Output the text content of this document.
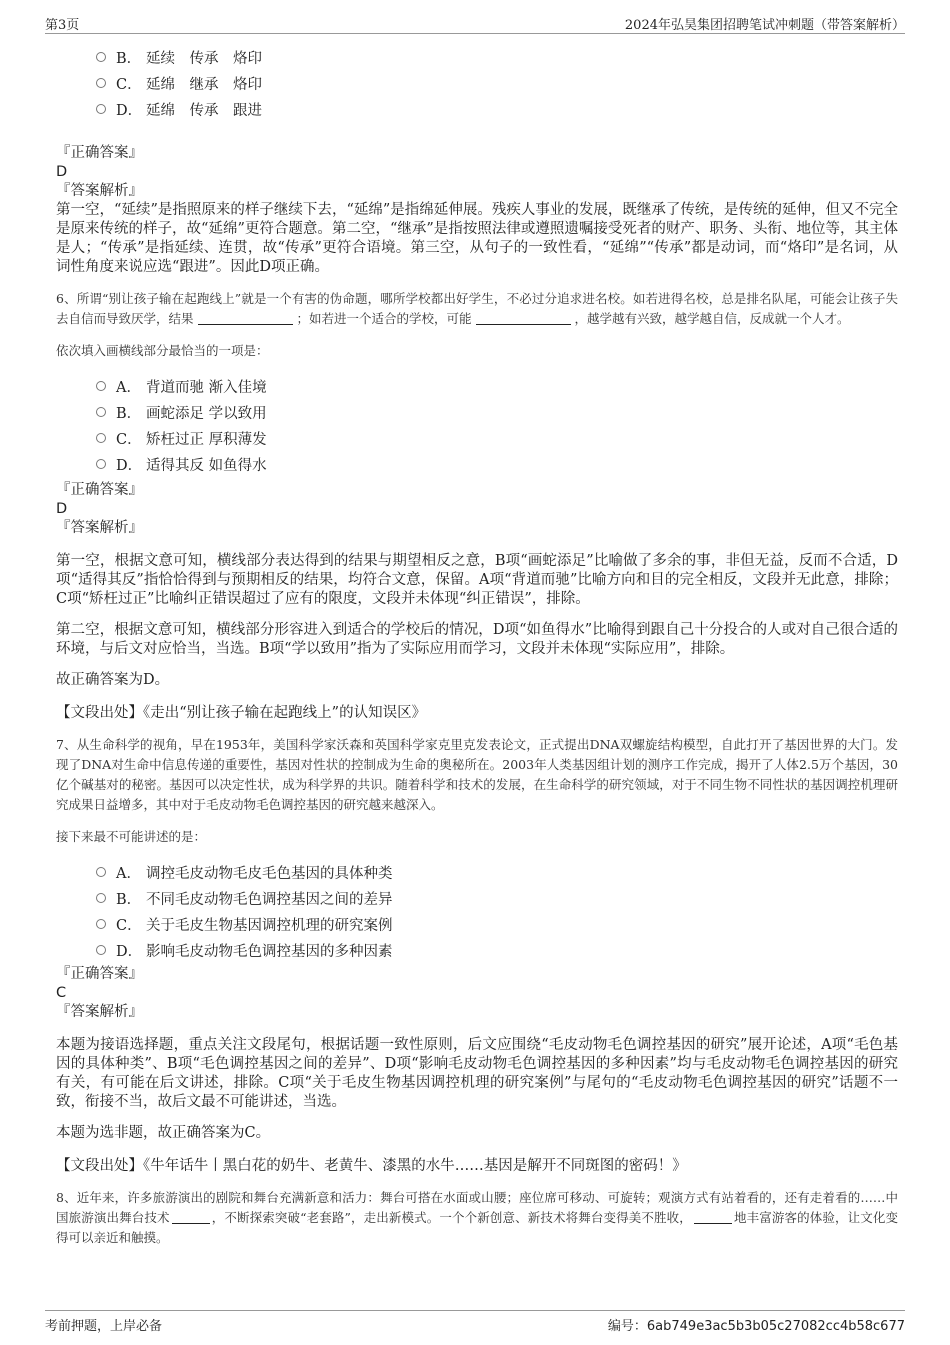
第3页	2024年弘昊集团招聘笔试冲刺题（带答案解析）
B． 延续　传承　烙印
C． 延绵　继承　烙印
D． 延绵　传承　跟进
『正确答案』
D
『答案解析』
第一空，“延续”是指照原来的样子继续下去，“延绵”是指绵延伸展。残疾人事业的发展，既继承了传统，是传统的延伸，但又不完全是原来传统的样子，故“延绵”更符合题意。第二空，“继承”是指按照法律或遵照遗嘱接受死者的财产、职务、头衔、地位等，其主体是人；“传承”是指延续、连贯，故“传承”更符合语境。第三空，从句子的一致性看，“延绵”“传承”都是动词，而“烙印”是名词，从词性角度来说应选“跟进”。因此D项正确。
6、所谓“别让孩子输在起跑线上”就是一个有害的伪命题，哪所学校都出好学生，不必过分追求进名校。如若进得名校，总是排名队尾，可能会让孩子失去自信而导致厌学，结果	；如若进一个适合的学校，可能	，越学越有兴致，越学越自信，反成就一个人才。
依次填入画横线部分最恰当的一项是：
A． 背道而驰 渐入佳境
B． 画蛇添足 学以致用
C． 矫枉过正 厚积薄发
D． 适得其反 如鱼得水
『正确答案』
D
『答案解析』
第一空，根据文意可知，横线部分表达得到的结果与期望相反之意，B项“画蛇添足”比喻做了多余的事，非但无益，反而不合适，D项“适得其反”指恰恰得到与预期相反的结果，均符合文意，保留。A项“背道而驰”比喻方向和目的完全相反，文段并无此意，排除；C项“矫枉过正”比喻纠正错误超过了应有的限度，文段并未体现“纠正错误”，排除。
第二空，根据文意可知，横线部分形容进入到适合的学校后的情况，D项“如鱼得水”比喻得到跟自己十分投合的人或对自己很合适的环境，与后文对应恰当，当选。B项“学以致用”指为了实际应用而学习，文段并未体现“实际应用”，排除。
故正确答案为D。
【文段出处】《走出“别让孩子输在起跑线上”的认知误区》
7、从生命科学的视角，早在1953年，美国科学家沃森和英国科学家克里克发表论文，正式提出DNA双螺旋结构模型，自此打开了基因世界的大门。发现了DNA对生命中信息传递的重要性，基因对性状的控制成为生命的奥秘所在。2003年人类基因组计划的测序工作完成，揭开了人体2.5万个基因，30亿个碱基对的秘密。基因可以决定性状，成为科学界的共识。随着科学和技术的发展，在生命科学的研究领域，对于不同生物不同性状的基因调控机理研究成果日益增多，其中对于毛皮动物毛色调控基因的研究越来越深入。
接下来最不可能讲述的是：
A． 调控毛皮动物毛皮毛色基因的具体种类
B． 不同毛皮动物毛色调控基因之间的差异
C． 关于毛皮生物基因调控机理的研究案例
D． 影响毛皮动物毛色调控基因的多种因素
『正确答案』
C
『答案解析』
本题为接语选择题，重点关注文段尾句，根据话题一致性原则，后文应围绕“毛皮动物毛色调控基因的研究”展开论述，A项“毛色基因的具体种类”、B项“毛色调控基因之间的差异”、D项“影响毛皮动物毛色调控基因的多种因素”均与毛皮动物毛色调控基因的研究有关，有可能在后文讲述，排除。C项“关于毛皮生物基因调控机理的研究案例”与尾句的“毛皮动物毛色调控基因的研究”话题不一致，衔接不当，故后文最不可能讲述，当选。
本题为选非题，故正确答案为C。
【文段出处】《牛年话牛丨黑白花的奶牛、老黄牛、漆黑的水牛……基因是解开不同斑图的密码！》
8、近年来，许多旅游演出的剧院和舞台充满新意和活力：舞台可搭在水面或山腰；座位席可移动、可旋转；观演方式有站着看的，还有走着看的……中国旅游演出舞台技术	，不断探索突破“老套路”，走出新模式。一个个新创意、新技术将舞台变得美不胜收，	地丰富游客的体验，让文化变得可以亲近和触摸。
考前押题，上岸必备	编号：6ab749e3ac5b3b05c27082cc4b58c677
